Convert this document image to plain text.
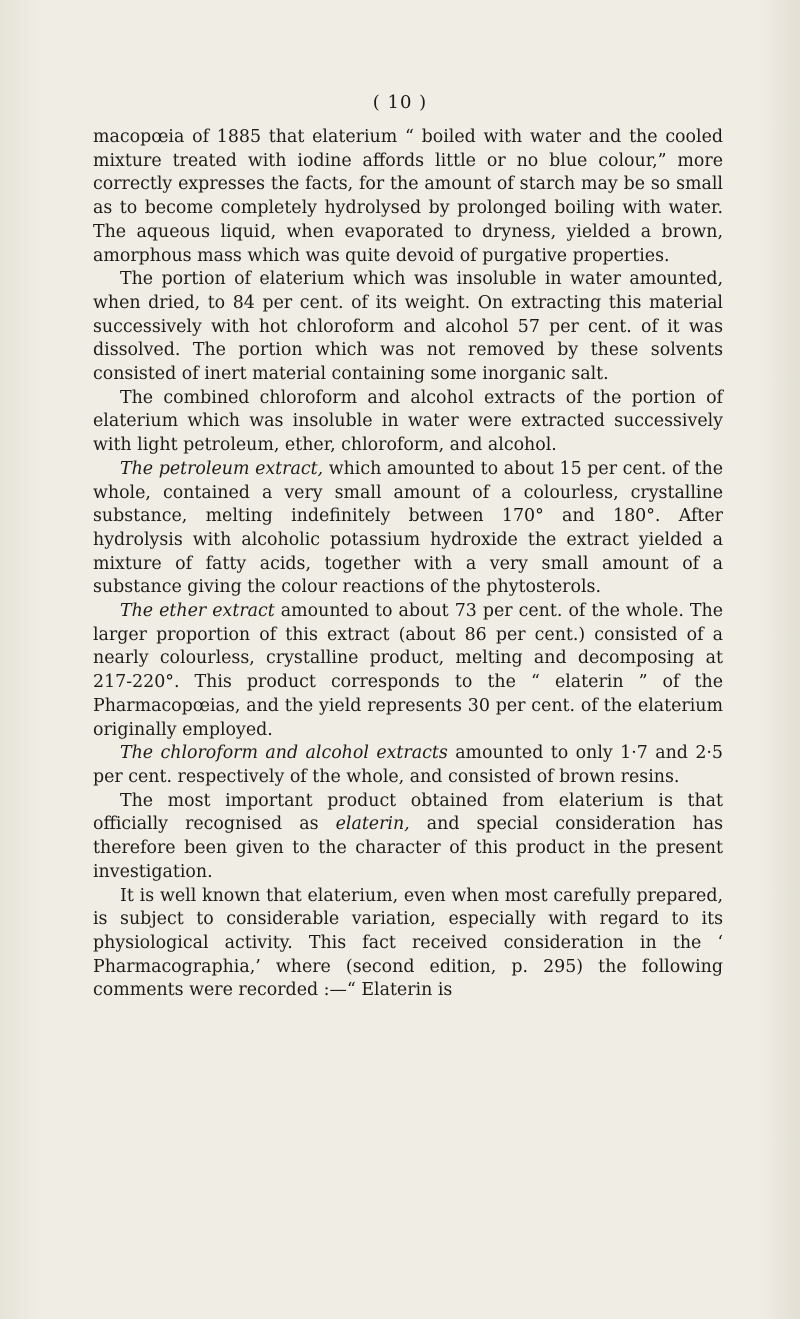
( 10 )

macopœia of 1885 that elaterium “ boiled with water and the cooled mixture treated with iodine affords little or no blue colour,” more correctly expresses the facts, for the amount of starch may be so small as to become completely hydrolysed by prolonged boiling with water. The aqueous liquid, when evaporated to dryness, yielded a brown, amorphous mass which was quite devoid of purgative properties.

The portion of elaterium which was insoluble in water amounted, when dried, to 84 per cent. of its weight. On extracting this material successively with hot chloroform and alcohol 57 per cent. of it was dissolved. The portion which was not removed by these solvents consisted of inert material containing some inorganic salt.

The combined chloroform and alcohol extracts of the portion of elaterium which was insoluble in water were extracted successively with light petroleum, ether, chloroform, and alcohol.

The petroleum extract, which amounted to about 15 per cent. of the whole, contained a very small amount of a colourless, crystalline substance, melting indefinitely between 170° and 180°. After hydrolysis with alcoholic potassium hydroxide the extract yielded a mixture of fatty acids, together with a very small amount of a substance giving the colour reactions of the phytosterols.

The ether extract amounted to about 73 per cent. of the whole. The larger proportion of this extract (about 86 per cent.) consisted of a nearly colourless, crystalline product, melting and decomposing at 217-220°. This product corresponds to the “ elaterin ” of the Pharmacopœias, and the yield represents 30 per cent. of the elaterium originally employed.

The chloroform and alcohol extracts amounted to only 1·7 and 2·5 per cent. respectively of the whole, and consisted of brown resins.

The most important product obtained from elaterium is that officially recognised as elaterin, and special consideration has therefore been given to the character of this product in the present investigation.

It is well known that elaterium, even when most carefully prepared, is subject to considerable variation, especially with regard to its physiological activity. This fact received consideration in the ‘ Pharmacographia,’ where (second edition, p. 295) the following comments were recorded :—“ Elaterin is
